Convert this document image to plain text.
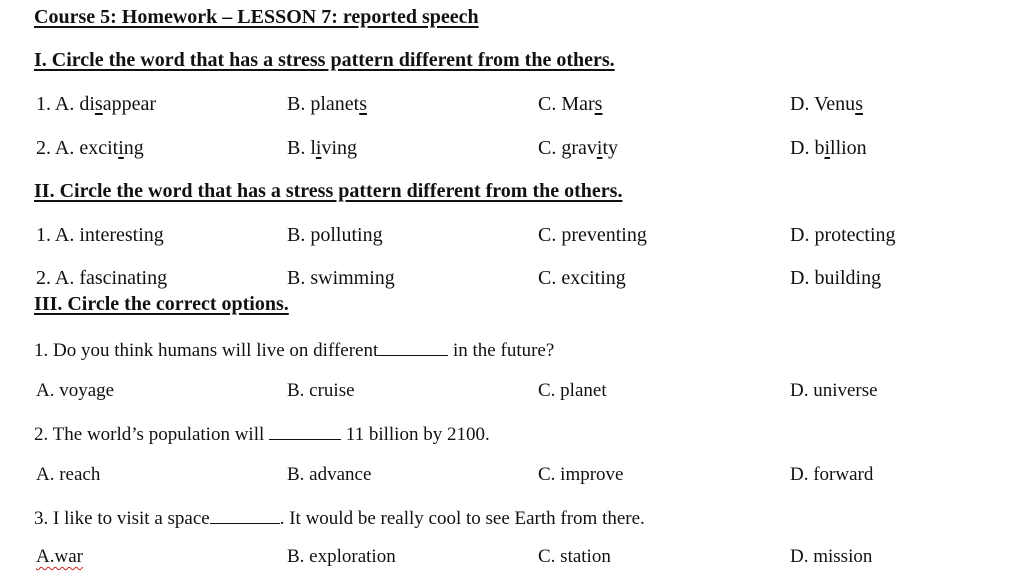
Course 5: Homework – LESSON 7: reported speech
I. Circle the word that has a stress pattern different from the others.
1. A. disappear	B. planets	C. Mars	D. Venus
2. A. exciting	B. living	C. gravity	D. billion
II. Circle the word that has a stress pattern different from the others.
1. A. interesting	B. polluting	C. preventing	D. protecting
2. A. fascinating	B. swimming	C. exciting	D. building
III. Circle the correct options.
1. Do you think humans will live on different	in the future?
A. voyage	B. cruise	C. planet	D. universe
2. The world’s population will	11 billion by 2100.
A. reach	B. advance	C. improve	D. forward
3. I like to visit a space	. It would be really cool to see Earth from there.
A.war	B. exploration	C. station	D. mission
